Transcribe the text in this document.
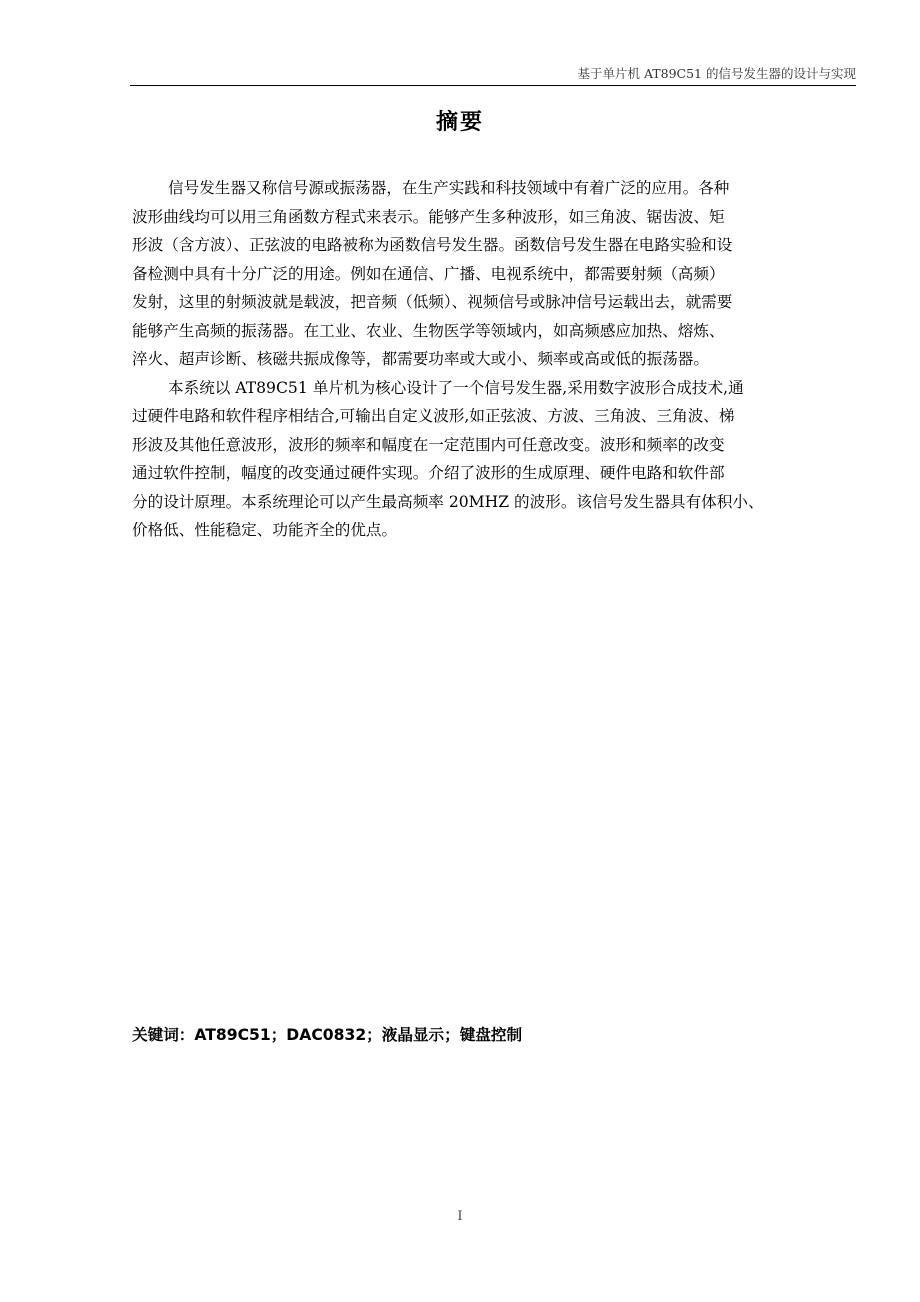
基于单片机 AT89C51 的信号发生器的设计与实现
摘要
信号发生器又称信号源或振荡器，在生产实践和科技领域中有着广泛的应用。各种
波形曲线均可以用三角函数方程式来表示。能够产生多种波形，如三角波、锯齿波、矩
形波（含方波）、正弦波的电路被称为函数信号发生器。函数信号发生器在电路实验和设
备检测中具有十分广泛的用途。例如在通信、广播、电视系统中，都需要射频（高频）
发射，这里的射频波就是载波，把音频（低频）、视频信号或脉冲信号运载出去，就需要
能够产生高频的振荡器。在工业、农业、生物医学等领域内，如高频感应加热、熔炼、
淬火、超声诊断、核磁共振成像等，都需要功率或大或小、频率或高或低的振荡器。
本系统以 AT89C51 单片机为核心设计了一个信号发生器,采用数字波形合成技术,通
过硬件电路和软件程序相结合,可输出自定义波形,如正弦波、方波、三角波、三角波、梯
形波及其他任意波形，波形的频率和幅度在一定范围内可任意改变。波形和频率的改变
通过软件控制，幅度的改变通过硬件实现。介绍了波形的生成原理、硬件电路和软件部
分的设计原理。本系统理论可以产生最高频率 20MHZ 的波形。该信号发生器具有体积小、
价格低、性能稳定、功能齐全的优点。
关键词：AT89C51；DAC0832；液晶显示；键盘控制
I
